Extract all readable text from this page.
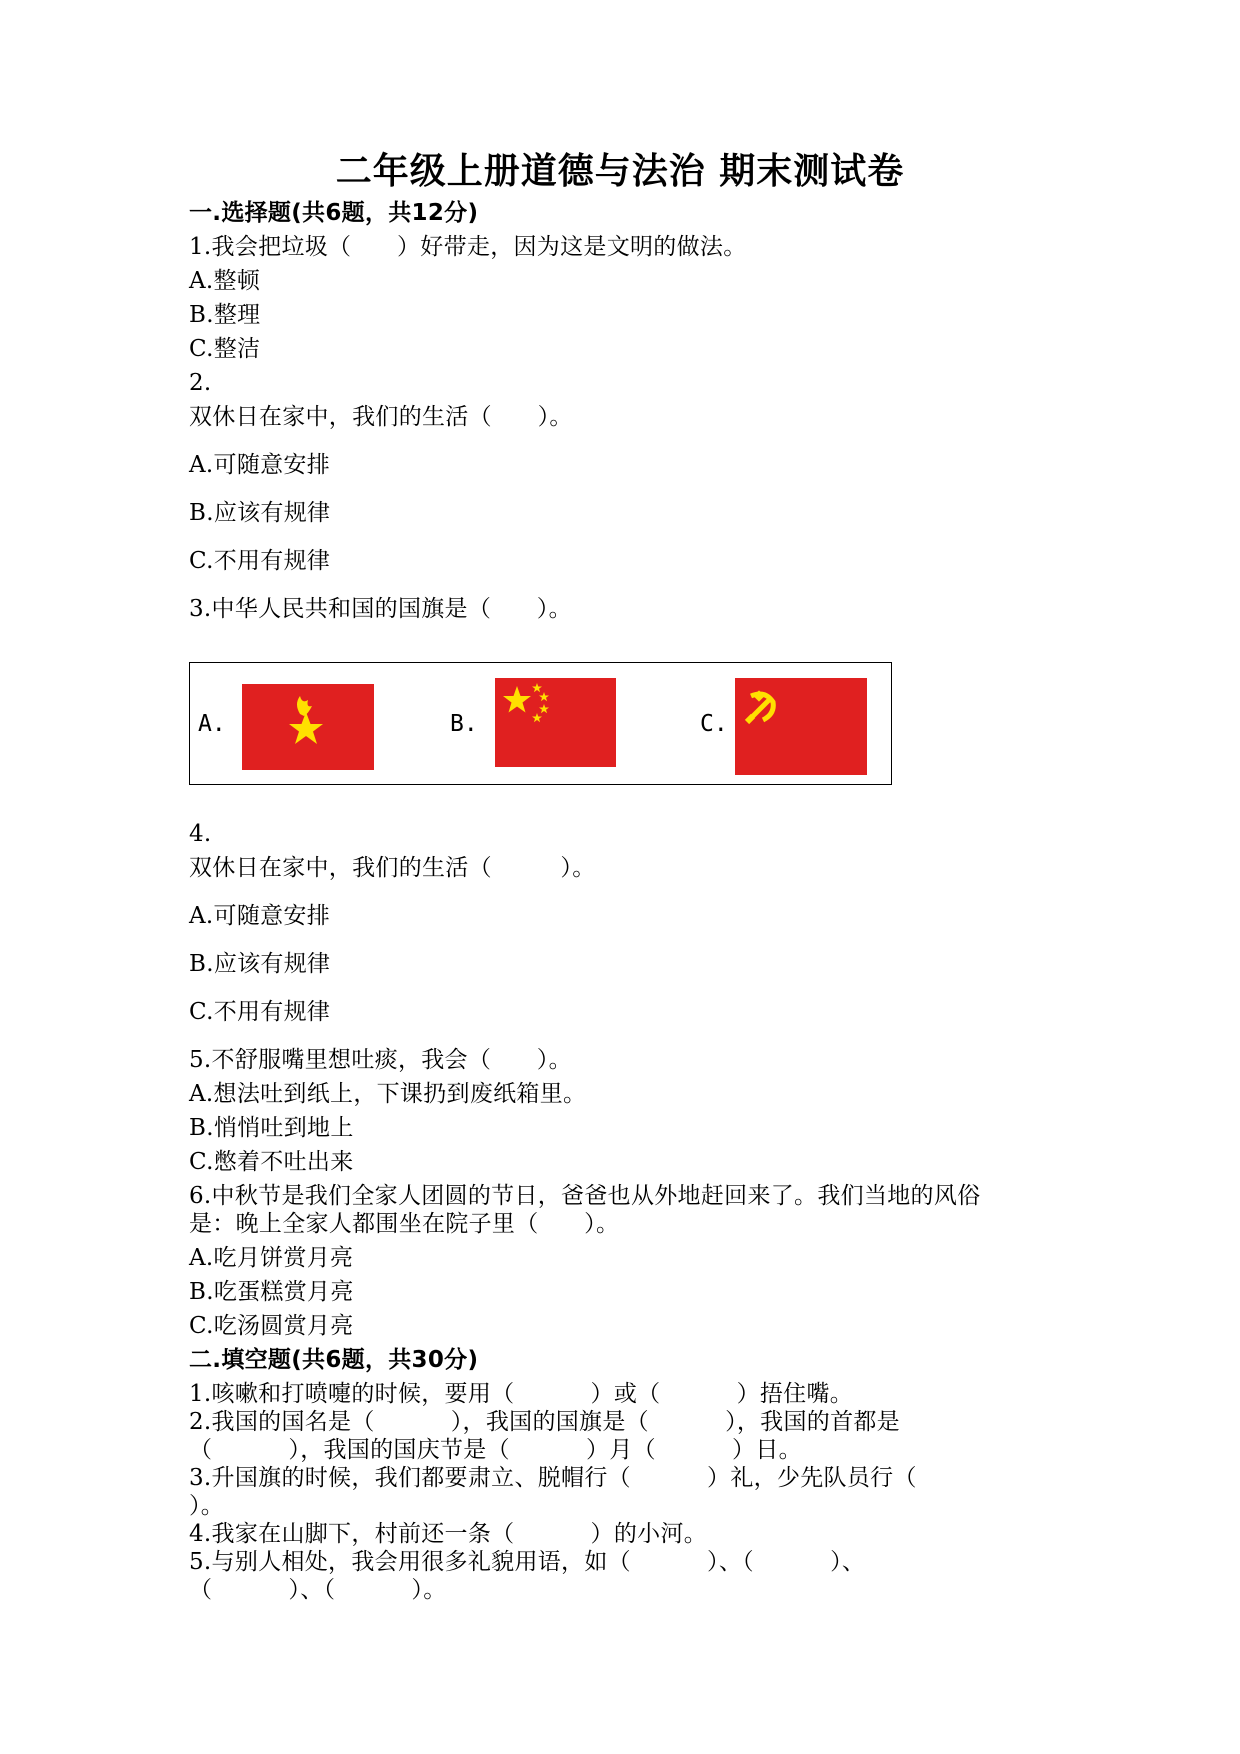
二年级上册道德与法治 期末测试卷
一.选择题(共6题，共12分)
1.我会把垃圾（      ）好带走，因为这是文明的做法。
A.整顿
B.整理
C.整洁
2.
双休日在家中，我们的生活（      ）。
A.可随意安排
B.应该有规律
C.不用有规律
3.中华人民共和国的国旗是（      ）。
A.	B.	C.
4.
双休日在家中，我们的生活（         ）。
A.可随意安排
B.应该有规律
C.不用有规律
5.不舒服嘴里想吐痰，我会（      ）。
A.想法吐到纸上，下课扔到废纸箱里。
B.悄悄吐到地上
C.憋着不吐出来
6.中秋节是我们全家人团圆的节日，爸爸也从外地赶回来了。我们当地的风俗
是：晚上全家人都围坐在院子里（      ）。
A.吃月饼赏月亮
B.吃蛋糕赏月亮
C.吃汤圆赏月亮
二.填空题(共6题，共30分)
1.咳嗽和打喷嚏的时候，要用（          ）或（          ）捂住嘴。
2.我国的国名是（          ），我国的国旗是（          ），我国的首都是
（          ），我国的国庆节是（          ）月（          ）日。
3.升国旗的时候，我们都要肃立、脱帽行（          ）礼，少先队员行（
）。
4.我家在山脚下，村前还一条（          ）的小河。
5.与别人相处，我会用很多礼貌用语，如（          ）、（          ）、
（          ）、（          ）。
